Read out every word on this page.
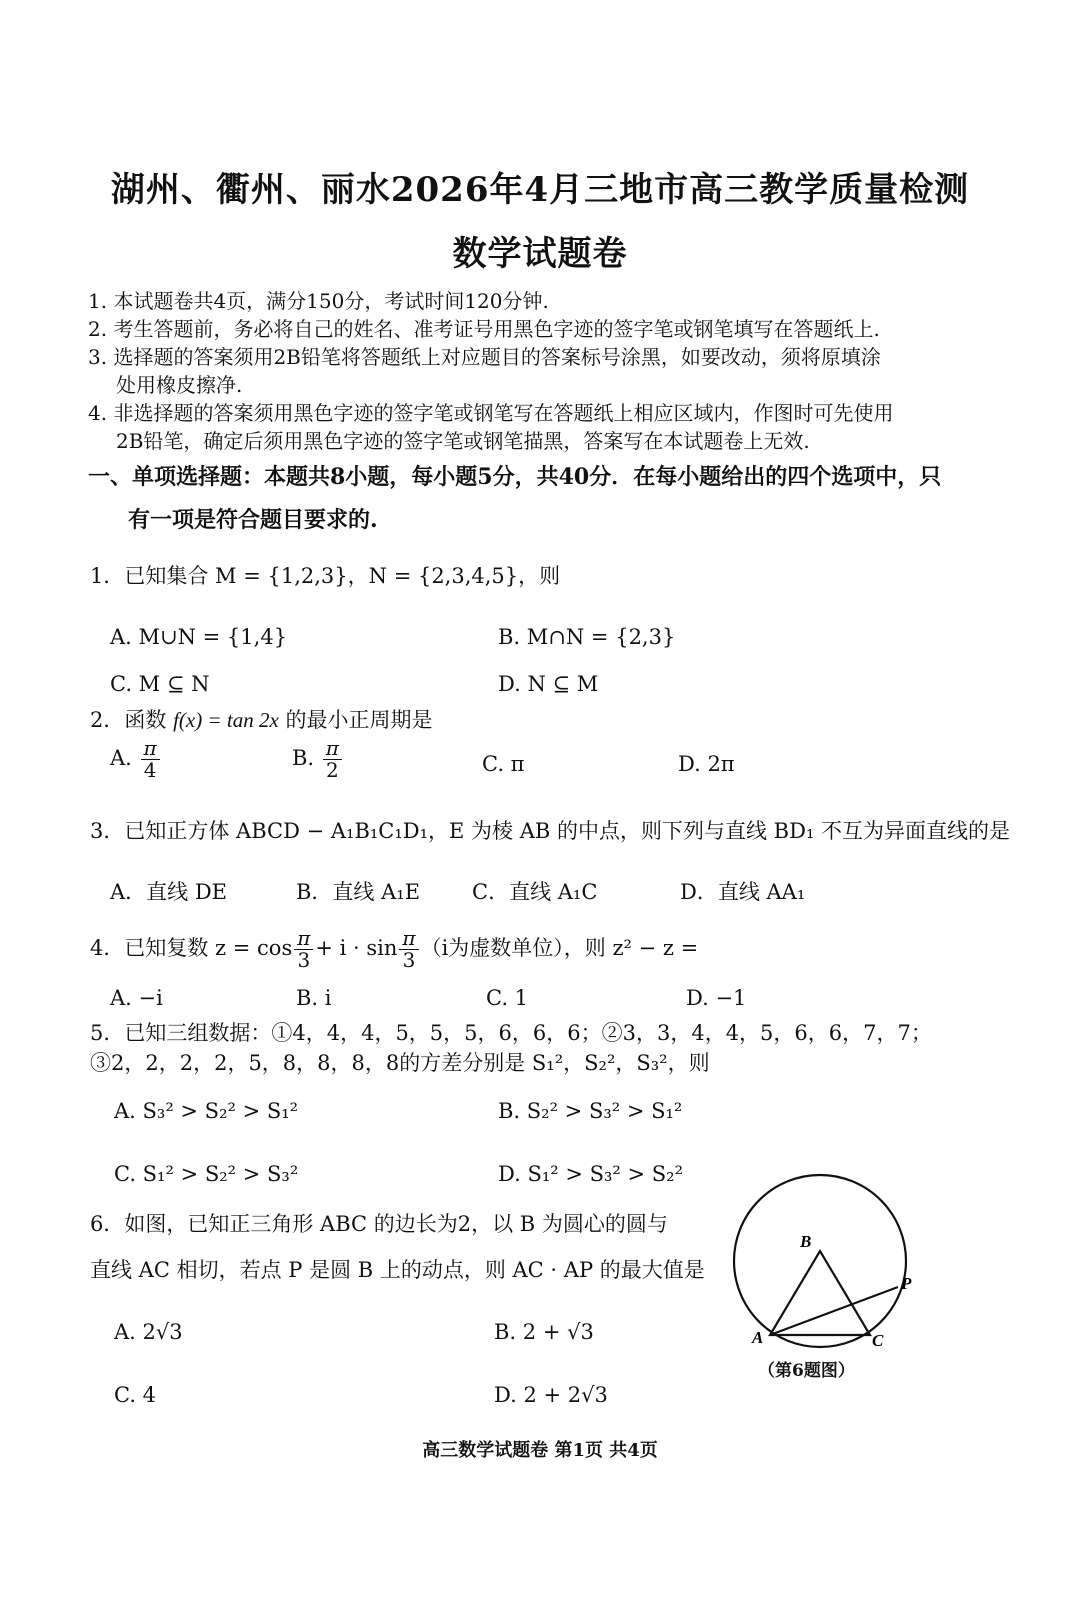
湖州、衢州、丽水2026年4月三地市高三教学质量检测
数学试题卷
1. 本试题卷共4页，满分150分，考试时间120分钟.
2. 考生答题前，务必将自己的姓名、准考证号用黑色字迹的签字笔或钢笔填写在答题纸上.
3. 选择题的答案须用2B铅笔将答题纸上对应题目的答案标号涂黑，如要改动，须将原填涂
处用橡皮擦净.
4. 非选择题的答案须用黑色字迹的签字笔或钢笔写在答题纸上相应区域内，作图时可先使用
2B铅笔，确定后须用黑色字迹的签字笔或钢笔描黑，答案写在本试题卷上无效.
一、单项选择题：本题共8小题，每小题5分，共40分．在每小题给出的四个选项中，只
有一项是符合题目要求的.
1．已知集合 M = {1,2,3}，N = {2,3,4,5}，则
A. M∪N = {1,4}	B. M∩N = {2,3}
C. M ⊆ N	D. N ⊆ M
2．函数 f(x) = tan 2x 的最小正周期是
A. $\frac{\pi}{4}$	B. $\frac{\pi}{2}$	C. π	D. 2π
3．已知正方体 ABCD − A₁B₁C₁D₁，E 为棱 AB 的中点，则下列与直线 BD₁ 不互为异面直线的是
A．直线 DE	B．直线 A₁E C．直线 A₁C	D．直线 AA₁
4．已知复数 $z = \cos \frac{\pi}{3} + i \cdot \sin \frac{\pi}{3} (i$为虚数单位），则 z² − z =
A. −i	B. i	C. 1	D. −1
5．已知三组数据：①4，4，4，5，5，5，6，6，6；②3，3，4，4，5，6，6，7，7；
③2，2，2，2，5，8，8，8，8的方差分别是 S₁²，S₂²，S₃²，则
A. S₃² > S₂² > S₁²	B. S₂² > S₃² > S₁²
C. S₁² > S₂² > S₃²	D. S₁² > S₃² > S₂²
6．如图，已知正三角形 ABC 的边长为2，以 B 为圆心的圆与
直线 AC 相切，若点 P 是圆 B 上的动点，则 AC · AP 的最大值是
A. 2√3	B. 2 + √3
C. 4	D. 2 + 2√3
B
P
A	C
（第6题图）
高三数学试题卷 第1页 共4页
